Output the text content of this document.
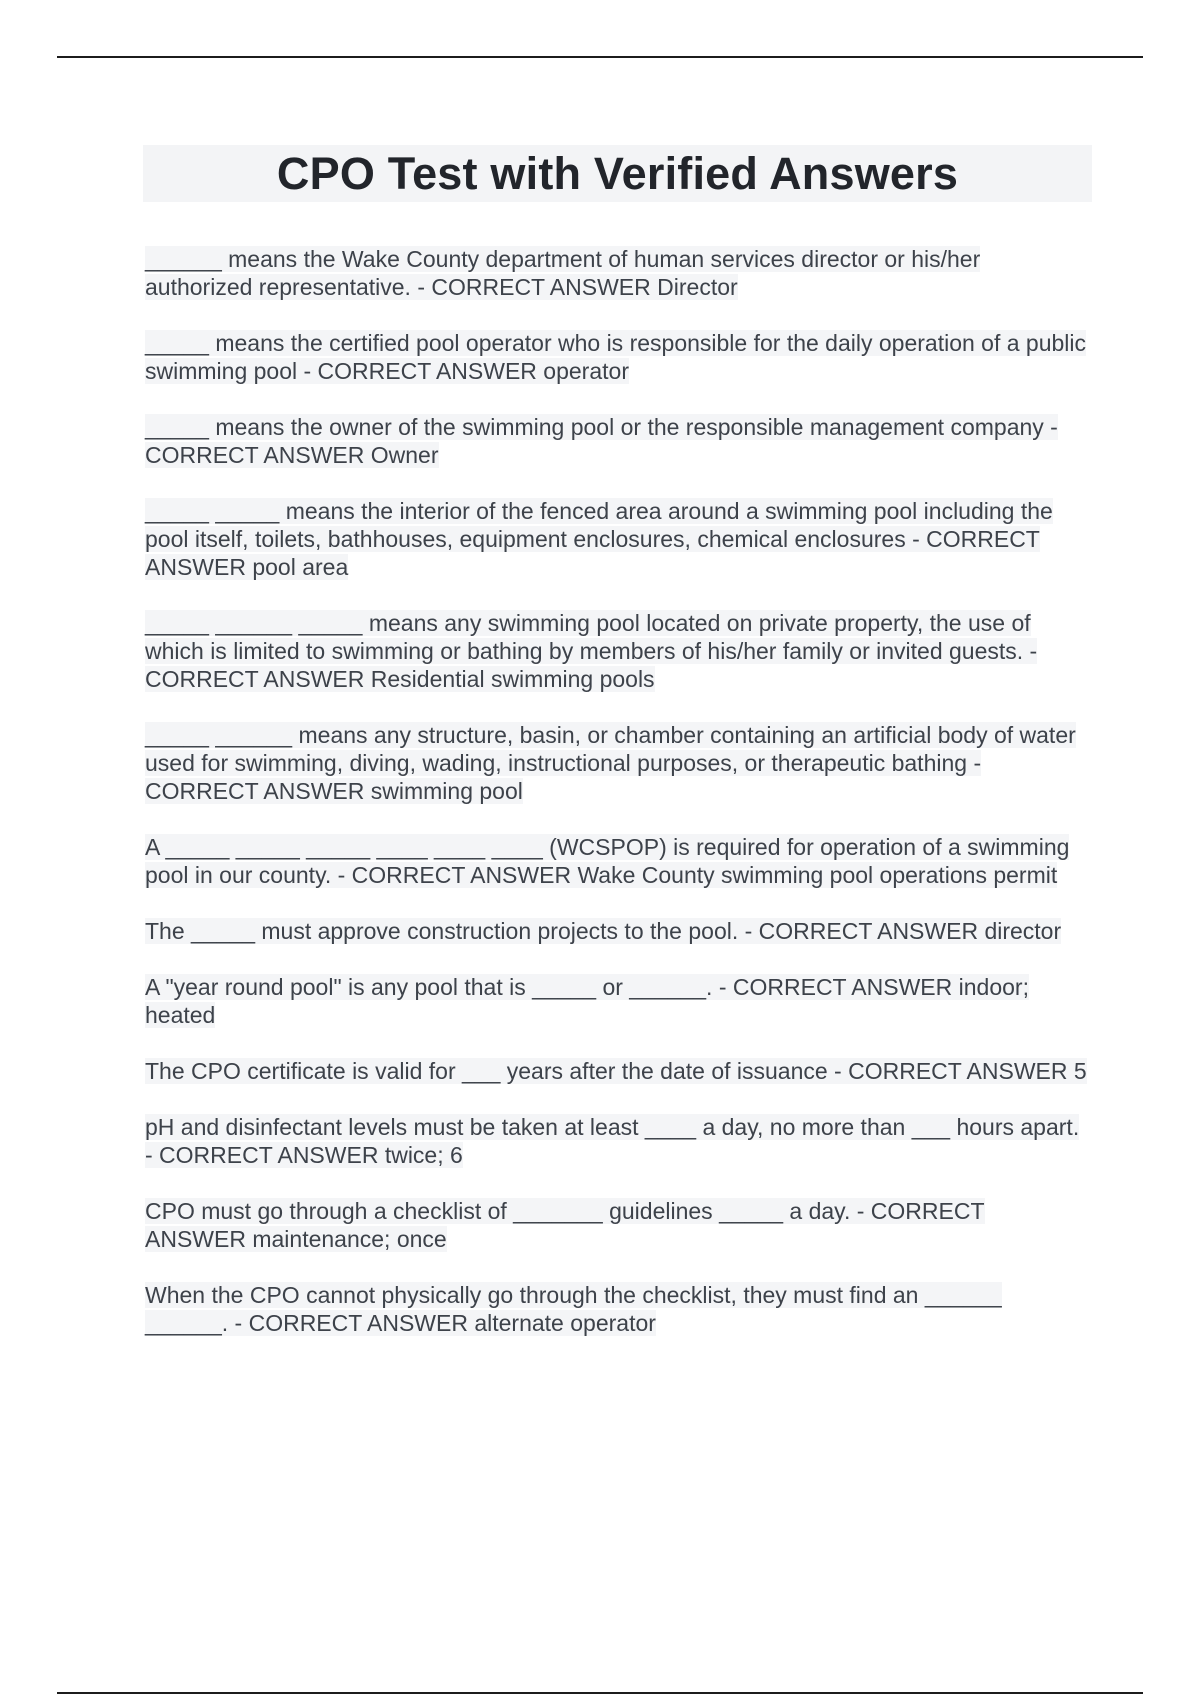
CPO Test with Verified Answers
______ means the Wake County department of human services director or his/her authorized representative. - CORRECT ANSWER Director
_____ means the certified pool operator who is responsible for the daily operation of a public swimming pool - CORRECT ANSWER operator
_____ means the owner of the swimming pool or the responsible management company - CORRECT ANSWER Owner
_____ _____ means the interior of the fenced area around a swimming pool including the pool itself, toilets, bathhouses, equipment enclosures, chemical enclosures - CORRECT ANSWER pool area
_____ ______ _____ means any swimming pool located on private property, the use of which is limited to swimming or bathing by members of his/her family or invited guests. - CORRECT ANSWER Residential swimming pools
_____ ______ means any structure, basin, or chamber containing an artificial body of water used for swimming, diving, wading, instructional purposes, or therapeutic bathing - CORRECT ANSWER swimming pool
A _____ _____ _____ ____ ____ ____ (WCSPOP) is required for operation of a swimming pool in our county. - CORRECT ANSWER Wake County swimming pool operations permit
The _____ must approve construction projects to the pool. - CORRECT ANSWER director
A "year round pool" is any pool that is _____ or ______. - CORRECT ANSWER indoor; heated
The CPO certificate is valid for ___ years after the date of issuance - CORRECT ANSWER 5
pH and disinfectant levels must be taken at least ____ a day, no more than ___ hours apart. - CORRECT ANSWER twice; 6
CPO must go through a checklist of _______ guidelines _____ a day. - CORRECT ANSWER maintenance; once
When the CPO cannot physically go through the checklist, they must find an ______ ______. - CORRECT ANSWER alternate operator
